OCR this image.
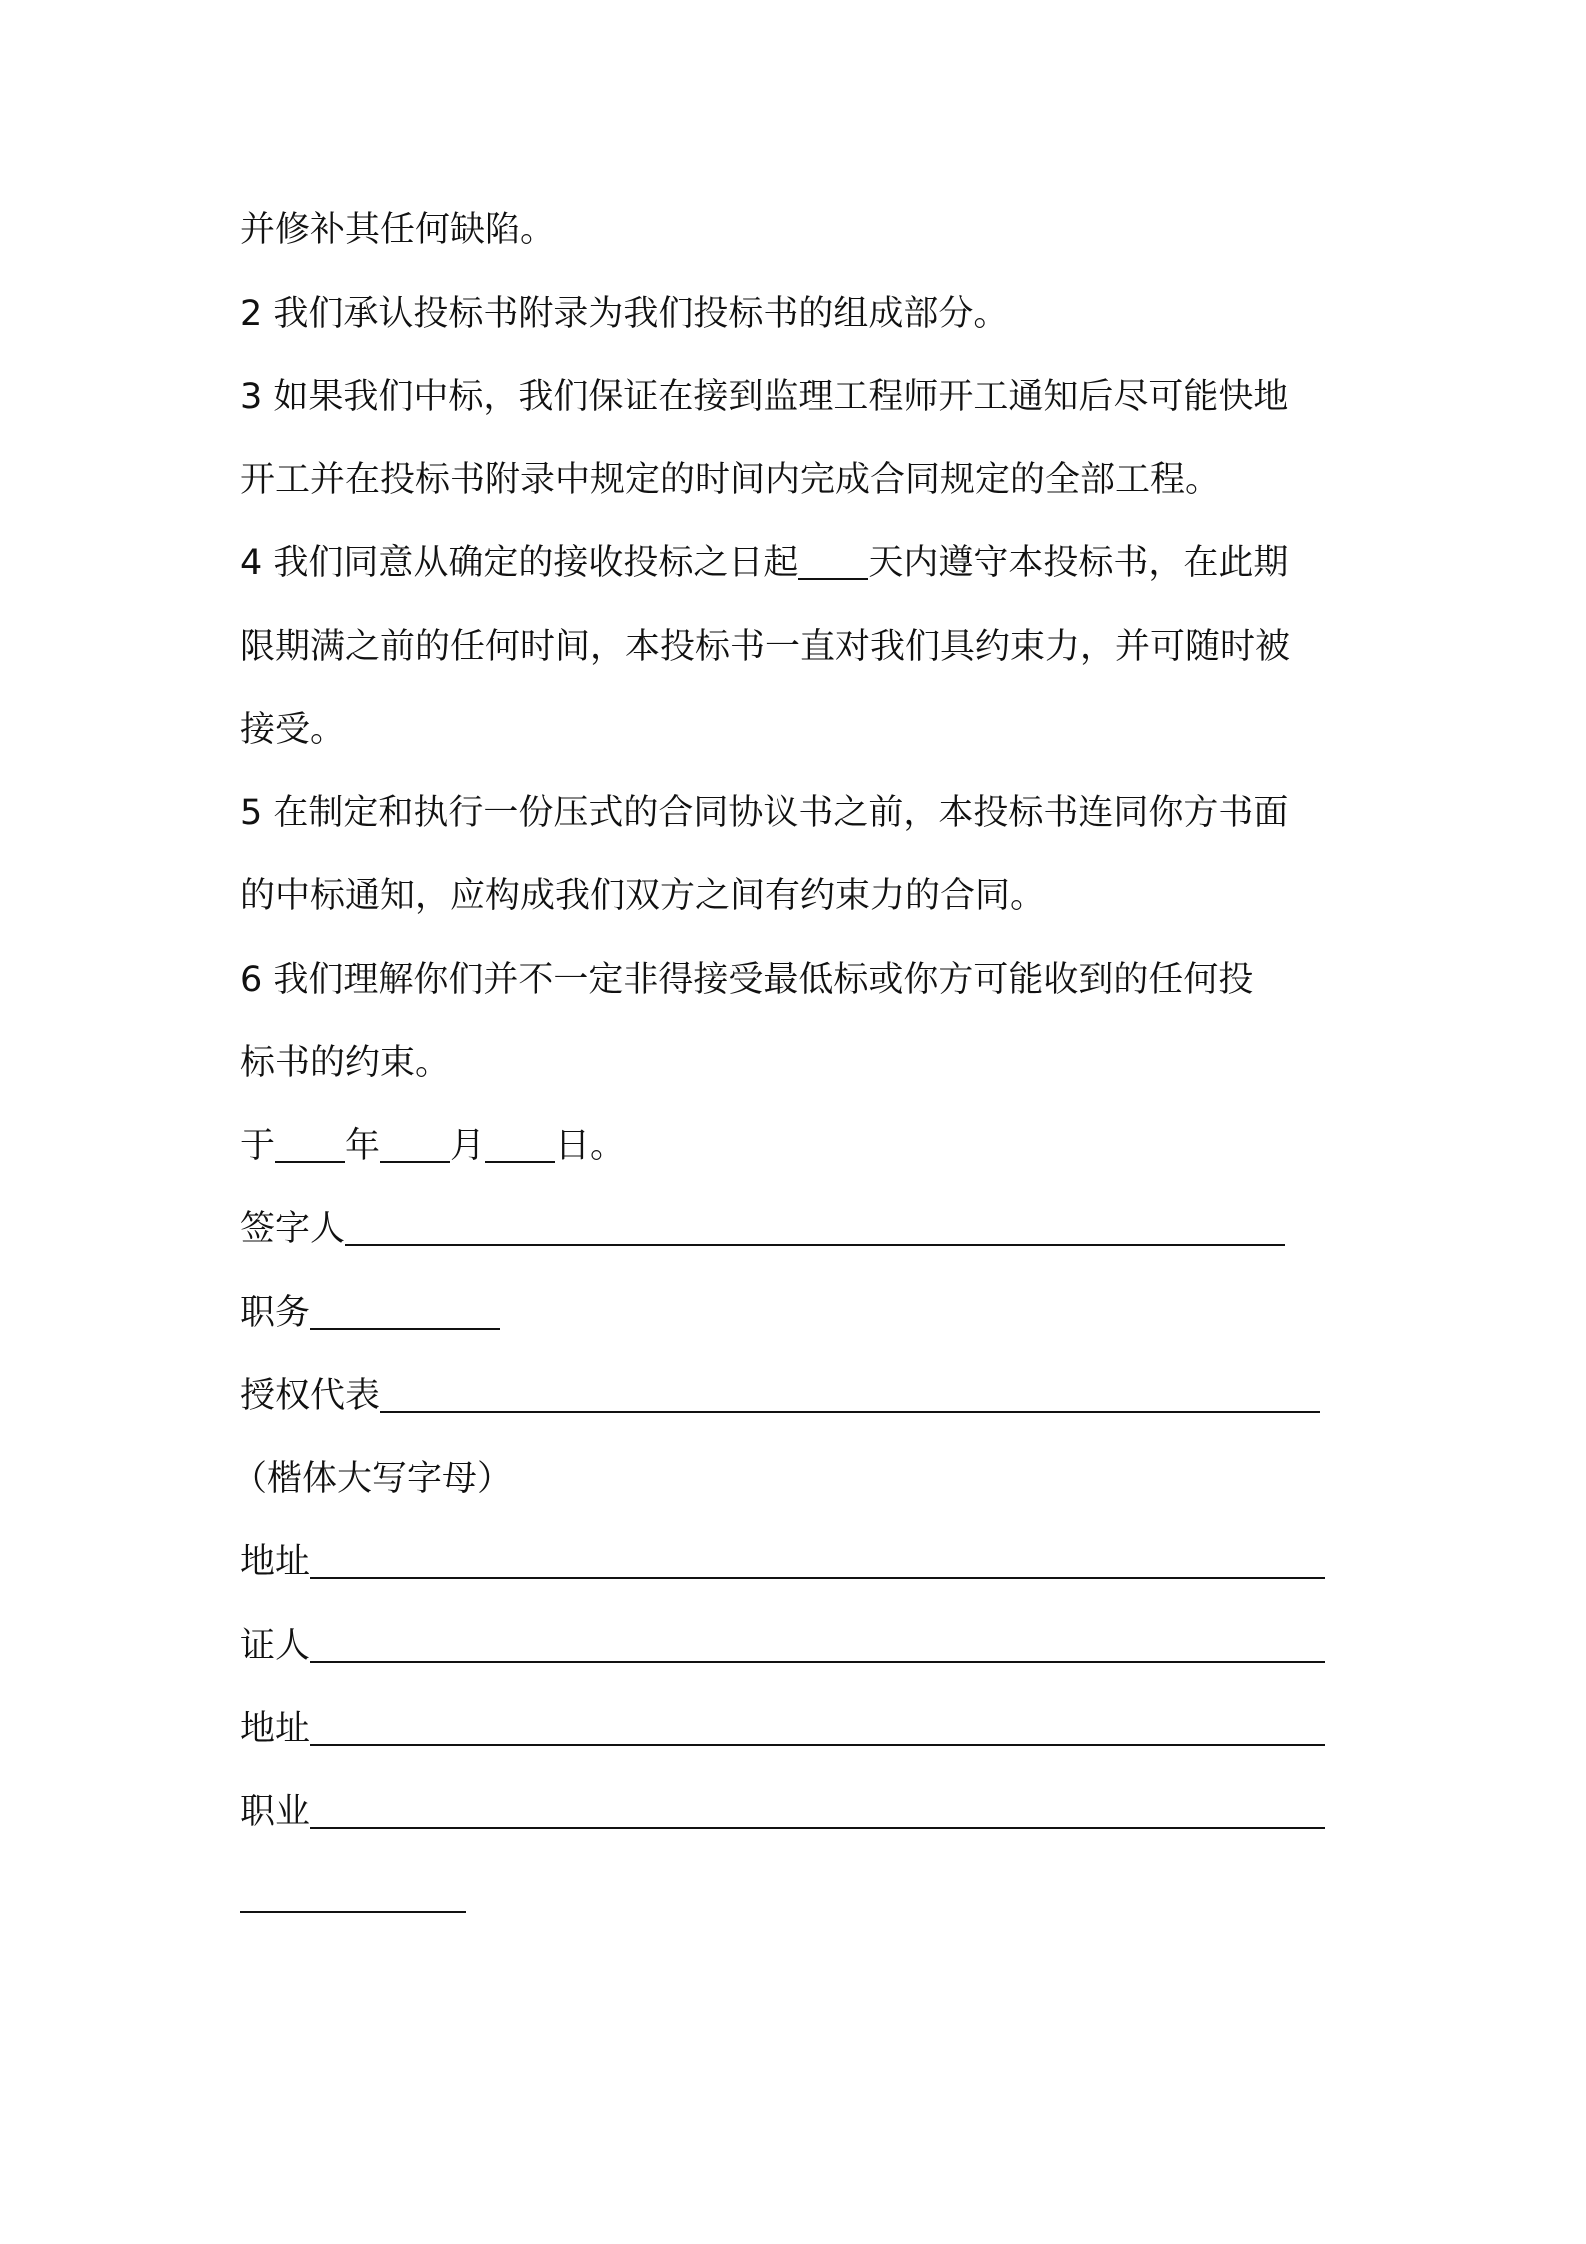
并修补其任何缺陷。
2 我们承认投标书附录为我们投标书的组成部分。
3 如果我们中标，我们保证在接到监理工程师开工通知后尽可能快地
开工并在投标书附录中规定的时间内完成合同规定的全部工程。
4 我们同意从确定的接收投标之日起 天内遵守本投标书，在此期
限期满之前的任何时间，本投标书一直对我们具约束力，并可随时被
接受。
5 在制定和执行一份压式的合同协议书之前，本投标书连同你方书面
的中标通知，应构成我们双方之间有约束力的合同。
6 我们理解你们并不一定非得接受最低标或你方可能收到的任何投
标书的约束。
于 年 月 日。
签字人
职务
授权代表
（楷体大写字母）
地址
证人
地址
职业
